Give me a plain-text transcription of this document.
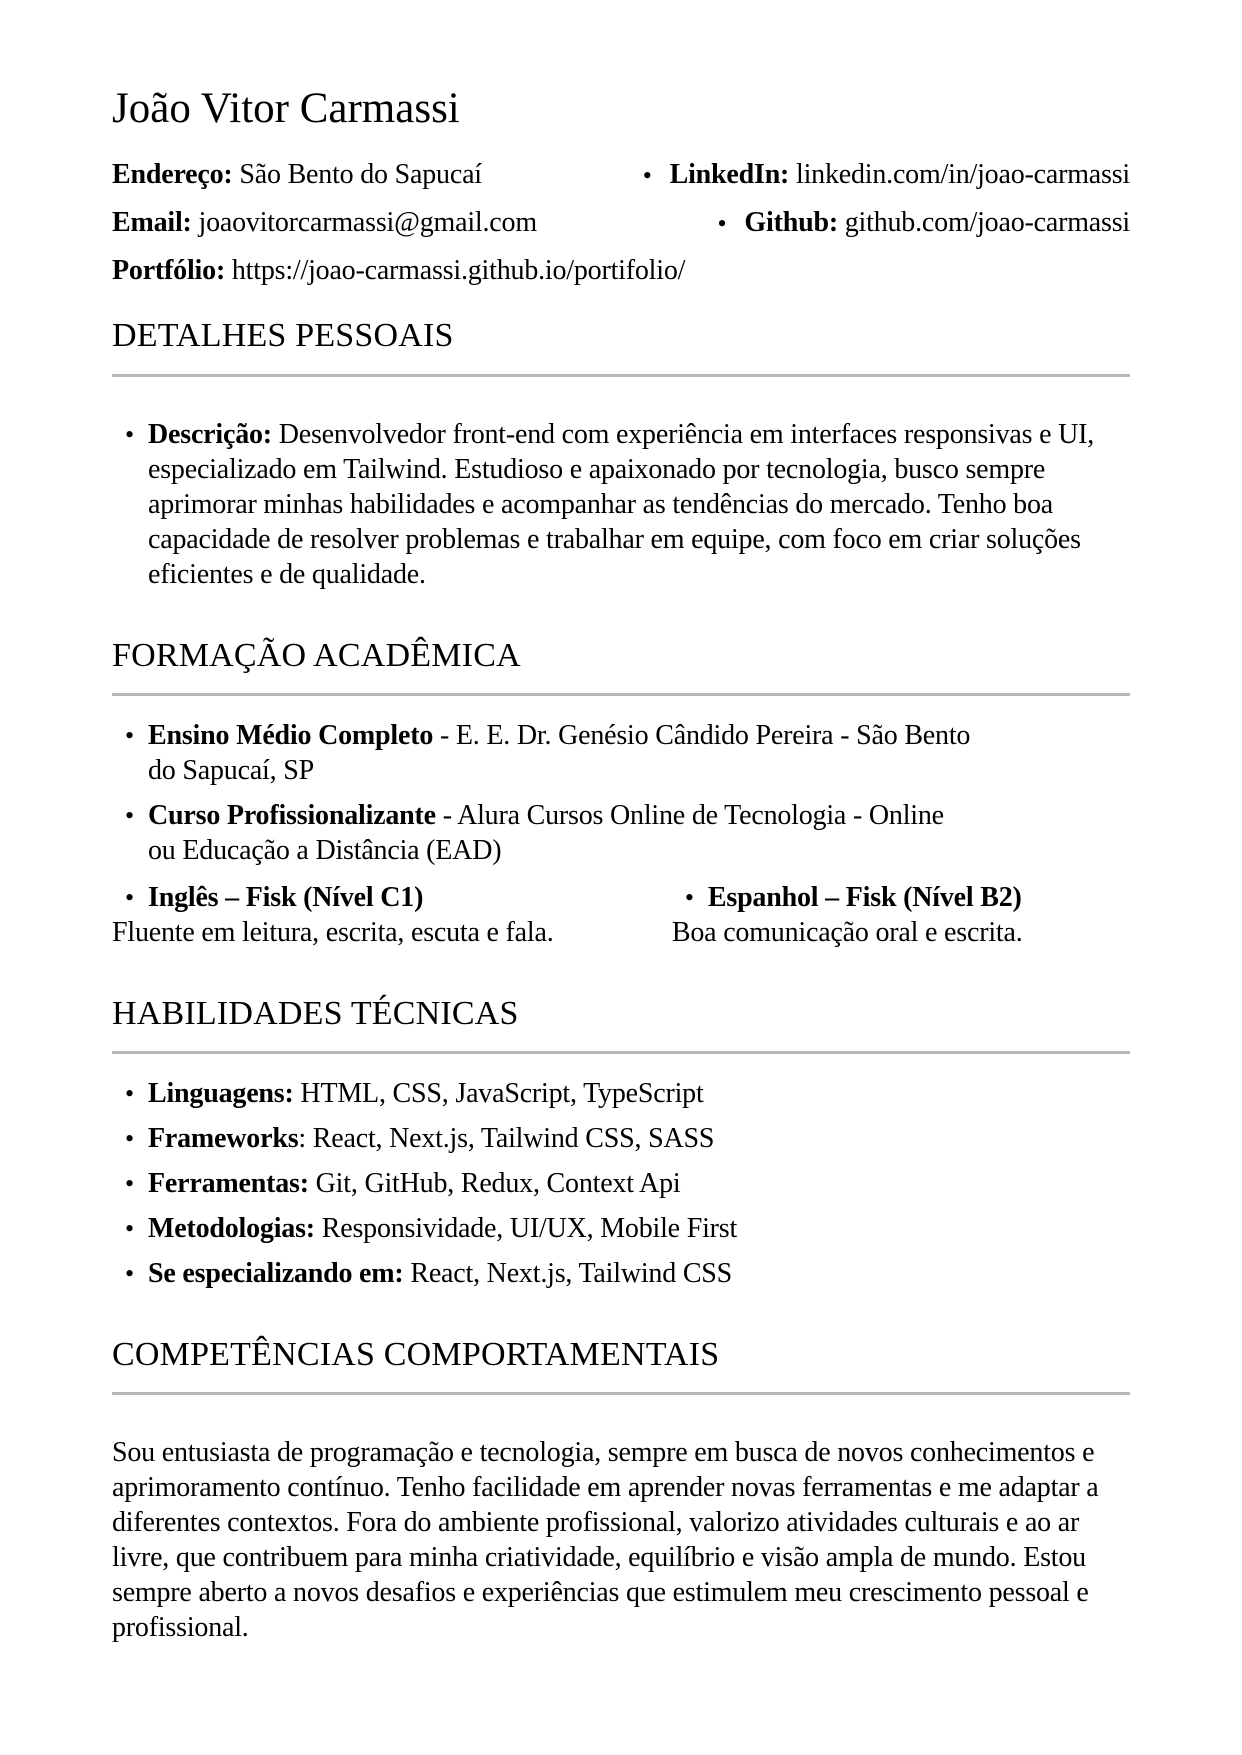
João Vitor Carmassi

Endereço: São Bento do Sapucaí	• LinkedIn: linkedin.com/in/joao-carmassi

Email: joaovitorcarmassi@gmail.com	• Github: github.com/joao-carmassi

Portfólio: https://joao-carmassi.github.io/portifolio/

DETALHES PESSOAIS
• Descrição: Desenvolvedor front-end com experiência em interfaces responsivas e UI, especializado em Tailwind. Estudioso e apaixonado por tecnologia, busco sempre aprimorar minhas habilidades e acompanhar as tendências do mercado. Tenho boa capacidade de resolver problemas e trabalhar em equipe, com foco em criar soluções eficientes e de qualidade.
FORMAÇÃO ACADÊMICA
• Ensino Médio Completo - E. E. Dr. Genésio Cândido Pereira - São Bento do Sapucaí, SP
• Curso Profissionalizante - Alura Cursos Online de Tecnologia - Online ou Educação a Distância (EAD)
• Inglês – Fisk (Nível C1)

Fluente em leitura, escrita, escuta e fala.

• Espanhol – Fisk (Nível B2)

Boa comunicação oral e escrita.

HABILIDADES TÉCNICAS
• Linguagens: HTML, CSS, JavaScript, TypeScript
• Frameworks: React, Next.js, Tailwind CSS, SASS
• Ferramentas: Git, GitHub, Redux, Context Api
• Metodologias: Responsividade, UI/UX, Mobile First
• Se especializando em: React, Next.js, Tailwind CSS
COMPETÊNCIAS COMPORTAMENTAIS

Sou entusiasta de programação e tecnologia, sempre em busca de novos conhecimentos e aprimoramento contínuo. Tenho facilidade em aprender novas ferramentas e me adaptar a diferentes contextos. Fora do ambiente profissional, valorizo atividades culturais e ao ar livre, que contribuem para minha criatividade, equilíbrio e visão ampla de mundo. Estou sempre aberto a novos desafios e experiências que estimulem meu crescimento pessoal e profissional.
